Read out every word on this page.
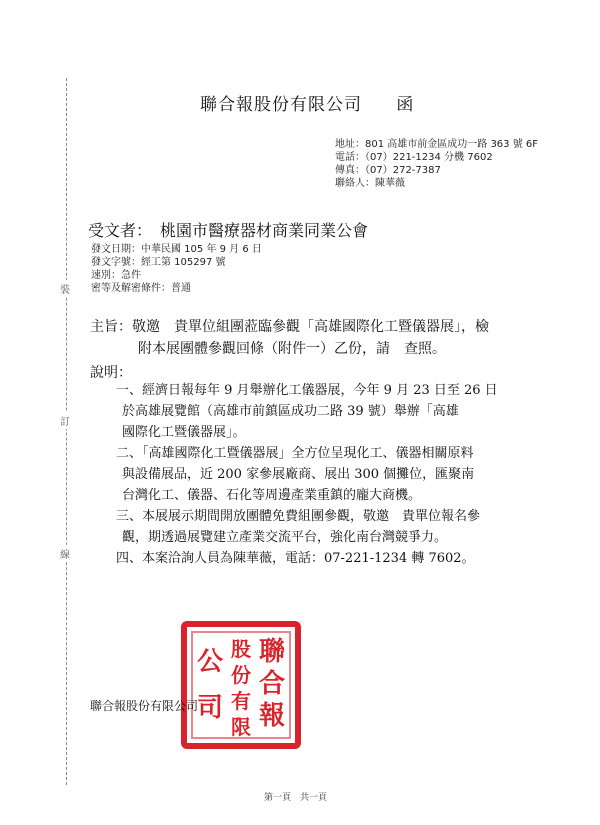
裝
訂
線
聯合報股份有限公司 函
地址：801 高雄市前金區成功一路 363 號 6F
電話：（07）221-1234 分機 7602
傳真：（07）272-7387
聯絡人：陳華薇
受文者： 桃園市醫療器材商業同業公會
發文日期：中華民國 105 年 9 月 6 日
發文字號：經工第 105297 號
速別：急件
密等及解密條件：普通
主旨：敬邀　貴單位組團蒞臨參觀「高雄國際化工暨儀器展」，檢
附本展團體參觀回條（附件一）乙份，請　查照。
說明：
一、經濟日報每年 9 月舉辦化工儀器展，今年 9 月 23 日至 26 日
於高雄展覽館（高雄市前鎮區成功二路 39 號）舉辦「高雄
國際化工暨儀器展」。
二、「高雄國際化工暨儀器展」全方位呈現化工、儀器相關原料
與設備展品，近 200 家參展廠商、展出 300 個攤位，匯聚南
台灣化工、儀器、石化等周邊產業重鎮的龐大商機。
三、本展展示期間開放團體免費組團參觀，敬邀　貴單位報名參
觀，期透過展覽建立產業交流平台，強化南台灣競爭力。
四、本案洽詢人員為陳華薇，電話：07-221-1234 轉 7602。
聯
合
報
股
份
有
限
公
司
聯合報股份有限公司
第一頁　共一頁
